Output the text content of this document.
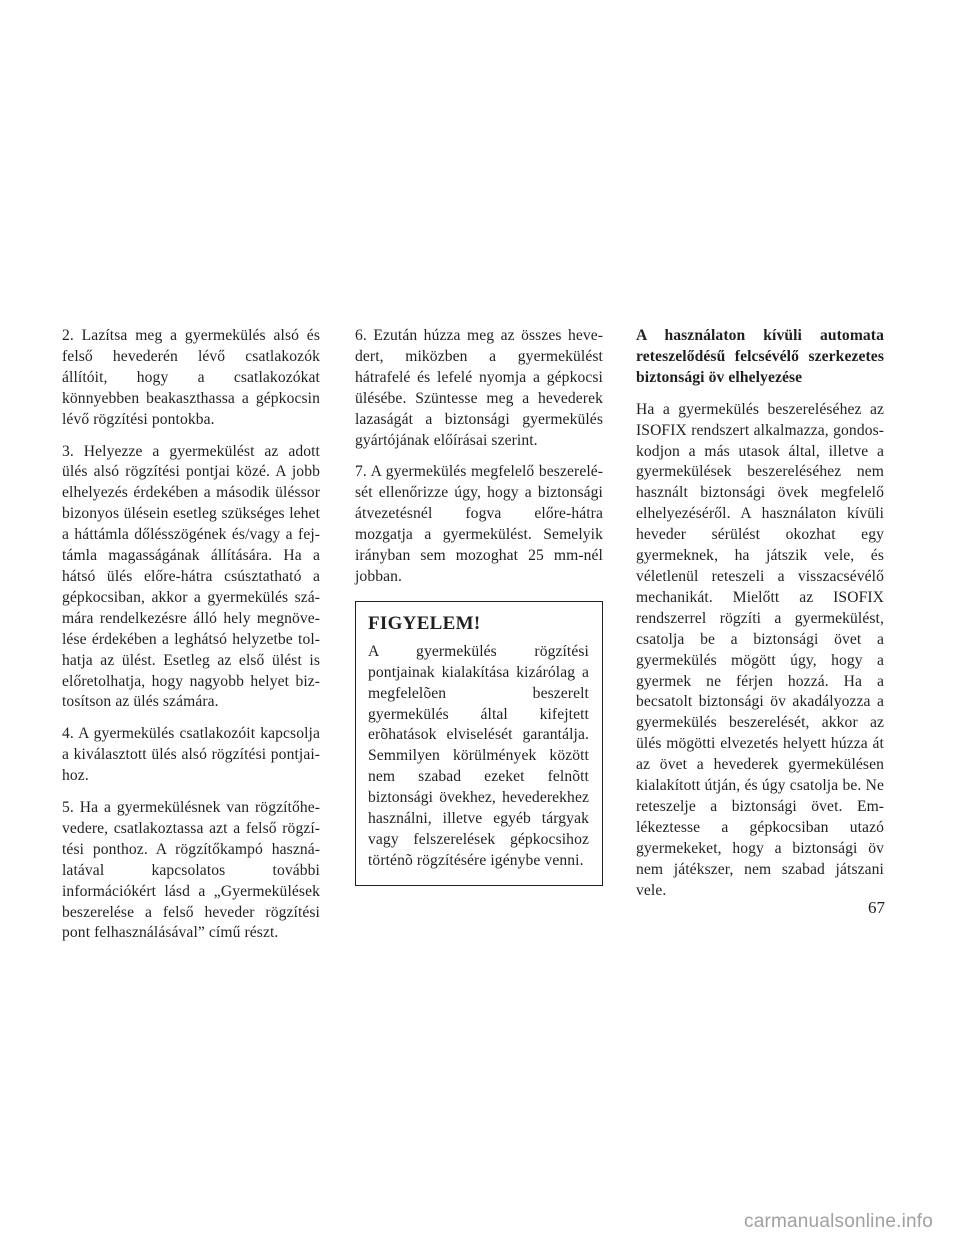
2. Lazítsa meg a gyermekülés alsó és felső hevederén lévő csatlakozók állítóit, hogy a csatlakozókat könnyebben beakaszthassa a gépkocsin lévő rögzítési pontokba.

3. Helyezze a gyermekülést az adott ülés alsó rögzítési pontjai közé. A jobb elhelyezés érdekében a második üléssor bizonyos ülésein esetleg szükséges lehet a háttámla dőlésszögének és/vagy a fejtámla magasságának állítására. Ha a hátsó ülés előre-hátra csúsztatható a gépkocsiban, akkor a gyermekülés számára rendelkezésre álló hely megnövelése érdekében a leghátsó helyzetbe tolhatja az ülést. Esetleg az első ülést is előretolhatja, hogy nagyobb helyet biztosítson az ülés számára.

4. A gyermekülés csatlakozóit kapcsolja a kiválasztott ülés alsó rögzítési pontjaihoz.

5. Ha a gyermekülésnek van rögzítőhevedere, csatlakoztassa azt a felső rögzítési ponthoz. A rögzítőkampó használatával kapcsolatos további információkért lásd a „Gyermekülések beszerelése a felső heveder rögzítési pont felhasználásával” című részt.

6. Ezután húzza meg az összes hevedert, miközben a gyermekülést hátrafelé és lefelé nyomja a gépkocsi ülésébe. Szüntesse meg a hevederek lazaságát a biztonsági gyermekülés gyártójának előírásai szerint.

7. A gyermekülés megfelelő beszerelését ellenőrizze úgy, hogy a biztonsági átvezetésnél fogva előre-hátra mozgatja a gyermekülést. Semelyik irányban sem mozoghat 25 mm-nél jobban.

FIGYELEM!

A gyermekülés rögzítési pontjainak kialakítása kizárólag a megfelelõen beszerelt gyermekülés által kifejtett erõhatások elviselését garantálja. Semmilyen körülmények között nem szabad ezeket felnõtt biztonsági övekhez, hevederekhez használni, illetve egyéb tárgyak vagy felszerelések gépkocsihoz történõ rögzítésére igénybe venni.

A használaton kívüli automata reteszelődésű felcsévélő szerkezetes biztonsági öv elhelyezése

Ha a gyermekülés beszereléséhez az ISOFIX rendszert alkalmazza, gondoskodjon a más utasok által, illetve a gyermekülések beszereléséhez nem használt biztonsági övek megfelelő elhelyezéséről. A használaton kívüli heveder sérülést okozhat egy gyermeknek, ha játszik vele, és véletlenül reteszeli a visszacsévélő mechanikát. Mielőtt az ISOFIX rendszerrel rögzíti a gyermekülést, csatolja be a biztonsági övet a gyermekülés mögött úgy, hogy a gyermek ne férjen hozzá. Ha a becsatolt biztonsági öv akadályozza a gyermekülés beszerelését, akkor az ülés mögötti elvezetés helyett húzza át az övet a hevederek gyermekülésen kialakított útján, és úgy csatolja be. Ne reteszelje a biztonsági övet. Emlékeztesse a gépkocsiban utazó gyermekeket, hogy a biztonsági öv nem játékszer, nem szabad játszani vele.

67
carmanualsonline.info
